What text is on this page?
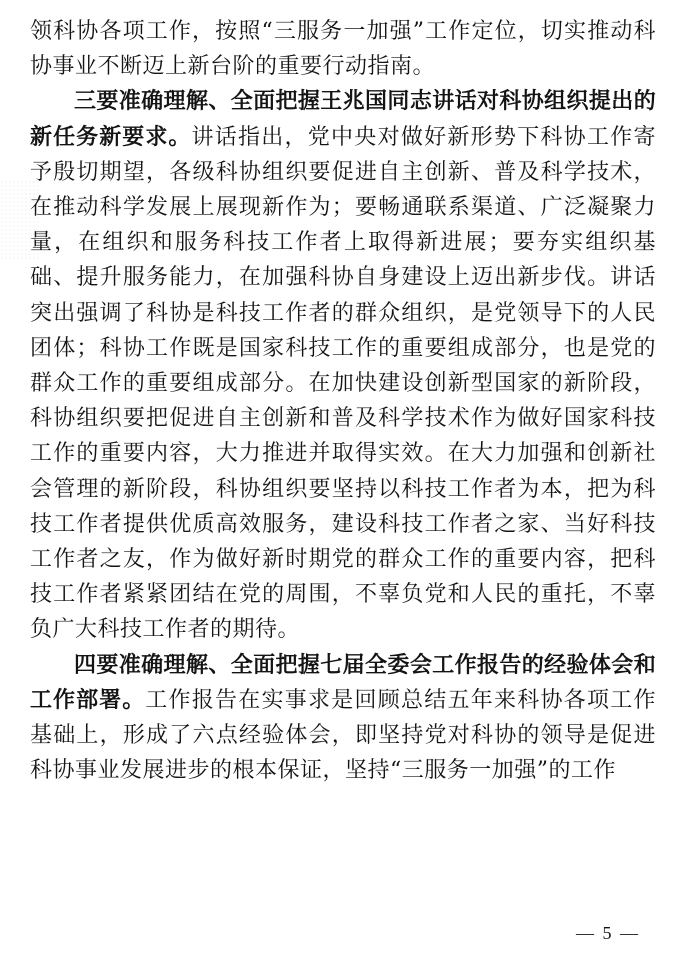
领科协各项工作，按照“三服务一加强”工作定位，切实推动科协事业不断迈上新台阶的重要行动指南。

三要准确理解、全面把握王兆国同志讲话对科协组织提出的新任务新要求。讲话指出，党中央对做好新形势下科协工作寄予殷切期望，各级科协组织要促进自主创新、普及科学技术，在推动科学发展上展现新作为；要畅通联系渠道、广泛凝聚力量，在组织和服务科技工作者上取得新进展；要夯实组织基础、提升服务能力，在加强科协自身建设上迈出新步伐。讲话突出强调了科协是科技工作者的群众组织，是党领导下的人民团体；科协工作既是国家科技工作的重要组成部分，也是党的群众工作的重要组成部分。在加快建设创新型国家的新阶段，科协组织要把促进自主创新和普及科学技术作为做好国家科技工作的重要内容，大力推进并取得实效。在大力加强和创新社会管理的新阶段，科协组织要坚持以科技工作者为本，把为科技工作者提供优质高效服务，建设科技工作者之家、当好科技工作者之友，作为做好新时期党的群众工作的重要内容，把科技工作者紧紧团结在党的周围，不辜负党和人民的重托，不辜负广大科技工作者的期待。

四要准确理解、全面把握七届全委会工作报告的经验体会和工作部署。工作报告在实事求是回顾总结五年来科协各项工作基础上，形成了六点经验体会，即坚持党对科协的领导是促进科协事业发展进步的根本保证，坚持“三服务一加强”的工作

— 5 —
